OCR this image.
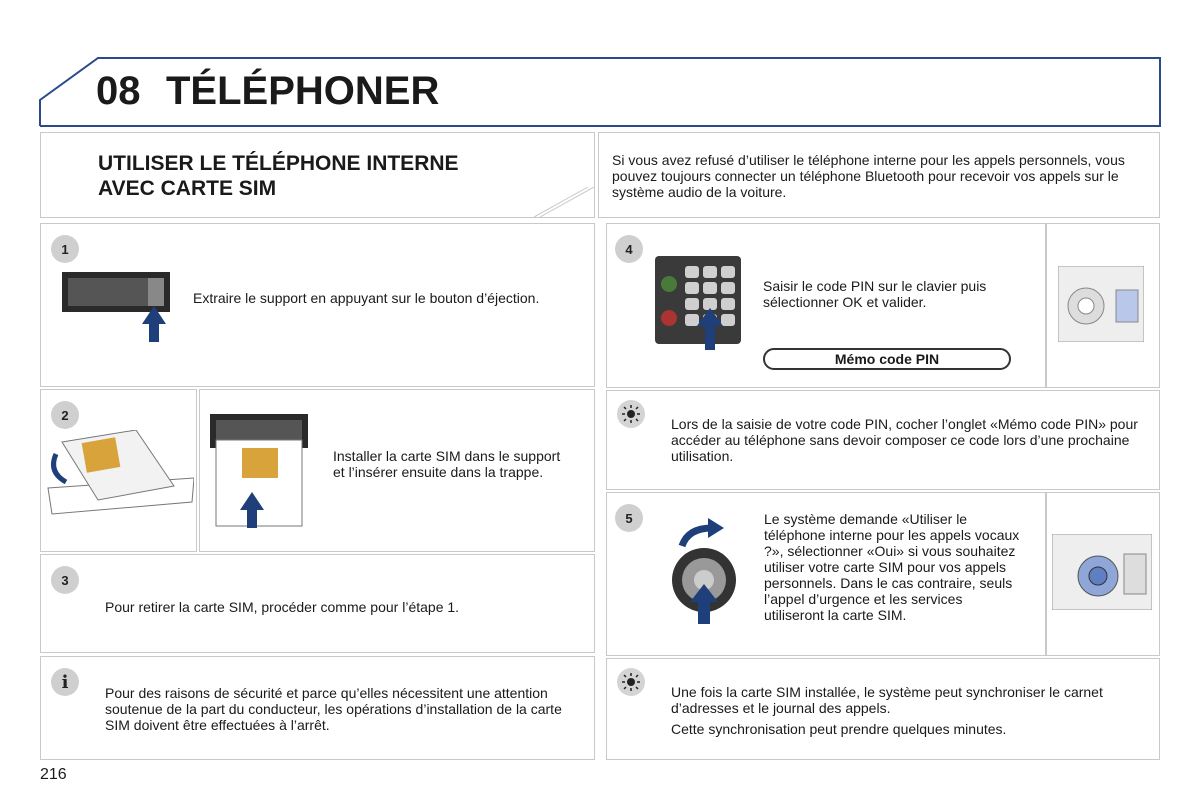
08 TÉLÉPHONER
UTILISER LE TÉLÉPHONE INTERNE
AVEC CARTE SIM
Si vous avez refusé d’utiliser le téléphone interne pour les appels personnels, vous pouvez toujours connecter un téléphone Bluetooth pour recevoir vos appels sur le système audio de la voiture.
1
Extraire le support en appuyant sur le bouton d’éjection.
2
Installer la carte SIM dans le support et l’insérer ensuite dans la trappe.
3
Pour retirer la carte SIM, procéder comme pour l’étape 1.
i
Pour des raisons de sécurité et parce qu’elles nécessitent une attention soutenue de la part du conducteur, les opérations d’installation de la carte SIM doivent être effectuées à l’arrêt.
4
Saisir le code PIN sur le clavier puis sélectionner OK et valider.
Mémo code PIN
Lors de la saisie de votre code PIN, cocher l’onglet «Mémo code PIN» pour accéder au téléphone sans devoir composer ce code lors d’une prochaine utilisation.
5	Le système demande «Utiliser le téléphone interne pour les appels vocaux ?», sélectionner «Oui» si vous souhaitez utiliser votre carte SIM pour vos appels personnels. Dans le cas contraire, seuls l’appel d’urgence et les services utiliseront la carte SIM.
Une fois la carte SIM installée, le système peut synchroniser le carnet d’adresses et le journal des appels.
Cette synchronisation peut prendre quelques minutes.
216
